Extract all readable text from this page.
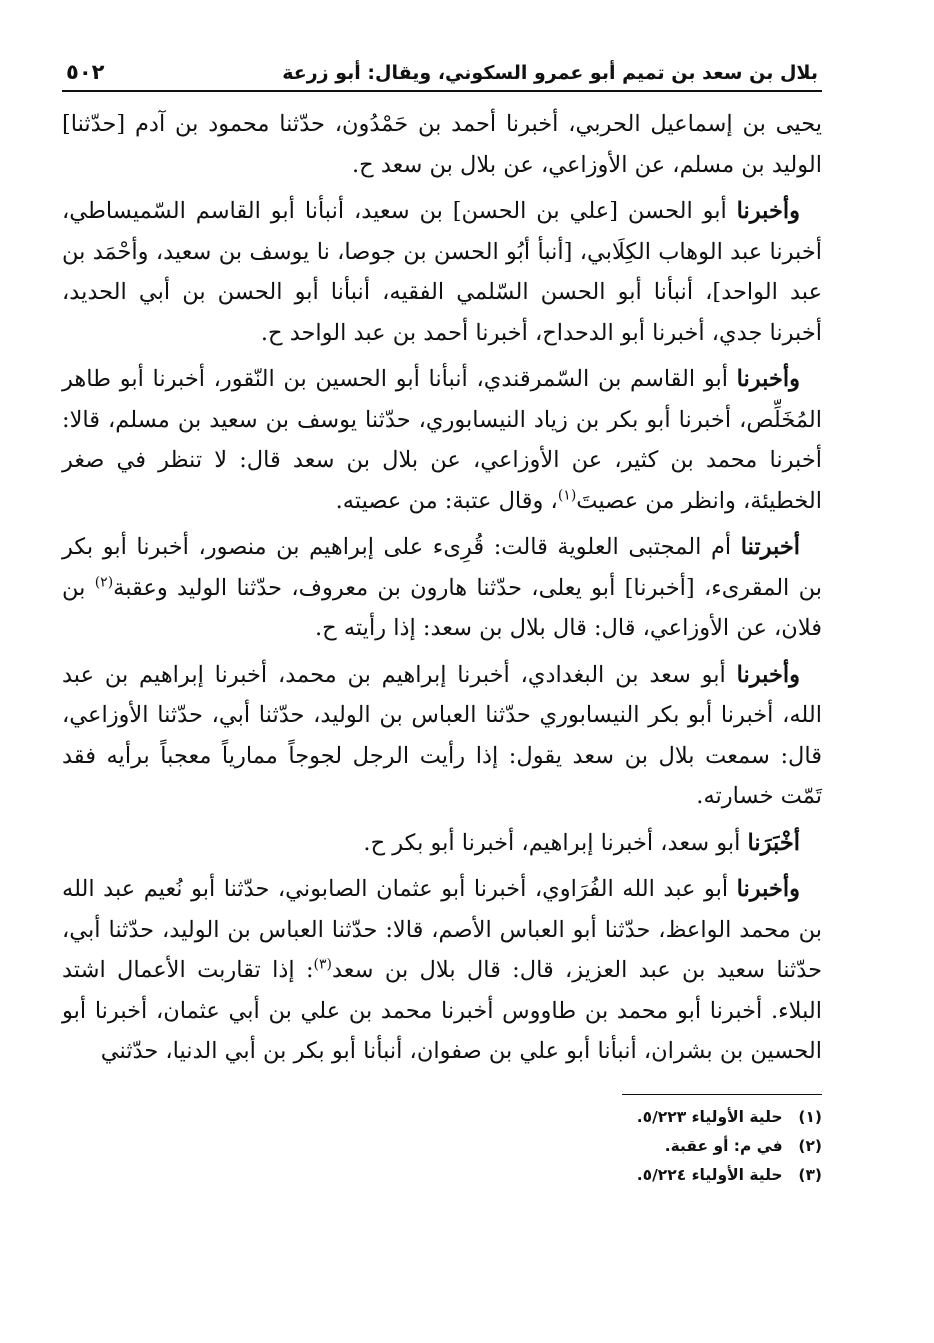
بلال بن سعد بن تميم أبو عمرو السكوني، ويقال: أبو زرعة
٥٠٢

يحيى بن إسماعيل الحربي، أخبرنا أحمد بن حَمْدُون، حدّثنا محمود بن آدم [حدّثنا] الوليد بن مسلم، عن الأوزاعي، عن بلال بن سعد ح.

وأخبرنا أبو الحسن [علي بن الحسن] بن سعيد، أنبأنا أبو القاسم السّميساطي، أخبرنا عبد الوهاب الكِلَابي، [أنبأ أبُو الحسن بن جوصا، نا يوسف بن سعيد، وأحْمَد بن عبد الواحد]، أنبأنا أبو الحسن السّلمي الفقيه، أنبأنا أبو الحسن بن أبي الحديد، أخبرنا جدي، أخبرنا أبو الدحداح، أخبرنا أحمد بن عبد الواحد ح.

وأخبرنا أبو القاسم بن السّمرقندي، أنبأنا أبو الحسين بن النّقور، أخبرنا أبو طاهر المُخَلِّص، أخبرنا أبو بكر بن زياد النيسابوري، حدّثنا يوسف بن سعيد بن مسلم، قالا: أخبرنا محمد بن كثير، عن الأوزاعي، عن بلال بن سعد قال: لا تنظر في صغر الخطيئة، وانظر من عصيتَ$^{(١)}$، وقال عتبة: من عصيته.

أخبرتنا أم المجتبى العلوية قالت: قُرِىء على إبراهيم بن منصور، أخبرنا أبو بكر بن المقرىء، [أخبرنا] أبو يعلى، حدّثنا هارون بن معروف، حدّثنا الوليد وعقبة$^{(٢)}$ بن فلان، عن الأوزاعي، قال: قال بلال بن سعد: إذا رأيته ح.

وأخبرنا أبو سعد بن البغدادي، أخبرنا إبراهيم بن محمد، أخبرنا إبراهيم بن عبد الله، أخبرنا أبو بكر النيسابوري حدّثنا العباس بن الوليد، حدّثنا أبي، حدّثنا الأوزاعي، قال: سمعت بلال بن سعد يقول: إذا رأيت الرجل لجوجاً ممارياً معجباً برأيه فقد تَمّت خسارته.

أخْبَرَنا أبو سعد، أخبرنا إبراهيم، أخبرنا أبو بكر ح.

وأخبرنا أبو عبد الله الفُرَاوي، أخبرنا أبو عثمان الصابوني، حدّثنا أبو نُعيم عبد الله بن محمد الواعظ، حدّثنا أبو العباس الأصم، قالا: حدّثنا العباس بن الوليد، حدّثنا أبي، حدّثنا سعيد بن عبد العزيز، قال: قال بلال بن سعد$^{(٣)}$: إذا تقاربت الأعمال اشتد البلاء. أخبرنا أبو محمد بن طاووس أخبرنا محمد بن علي بن أبي عثمان، أخبرنا أبو الحسين بن بشران، أنبأنا أبو علي بن صفوان، أنبأنا أبو بكر بن أبي الدنيا، حدّثني

(١) حلية الأولياء ٥/٢٢٣.
(٢) في م: أو عقبة.
(٣) حلية الأولياء ٥/٢٢٤.
